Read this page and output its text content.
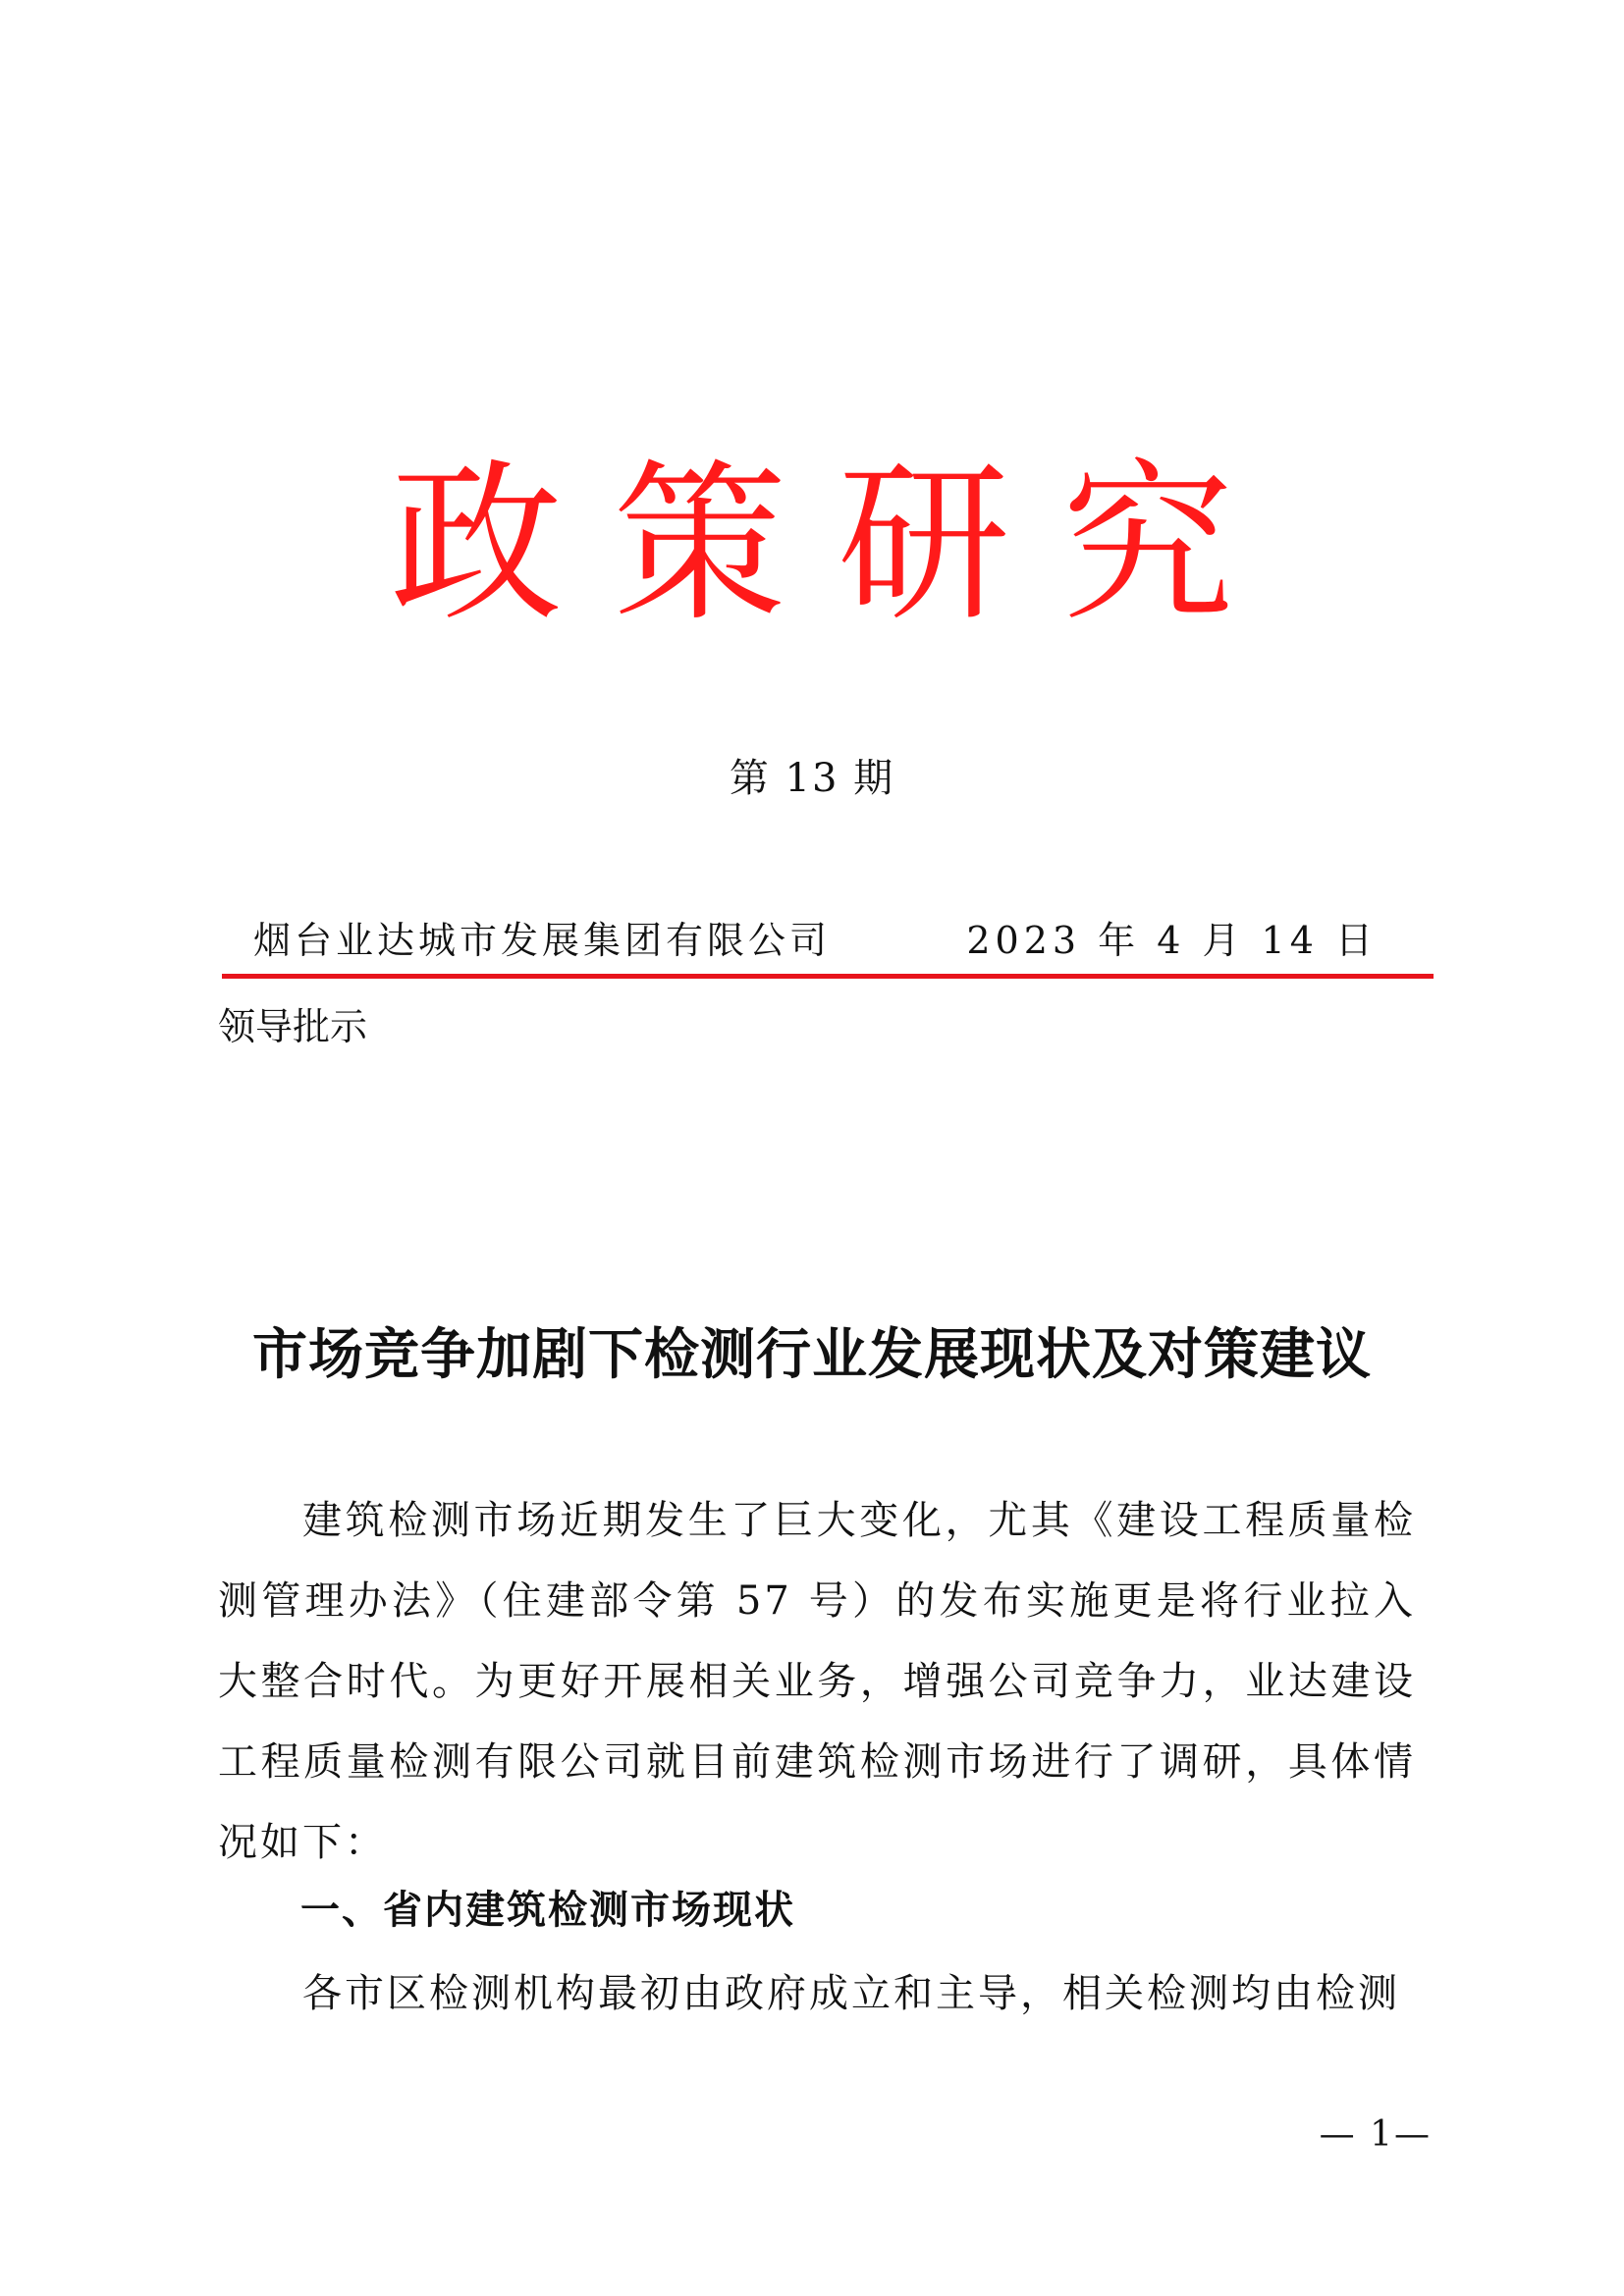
政策研究
第 13 期
烟台业达城市发展集团有限公司	2023 年 4 月 14 日
领导批示
市场竞争加剧下检测行业发展现状及对策建议

建筑检测市场近期发生了巨大变化，尤其《建设工程质量检测管理办法》（住建部令第 57 号）的发布实施更是将行业拉入大整合时代。为更好开展相关业务，增强公司竞争力，业达建设工程质量检测有限公司就目前建筑检测市场进行了调研，具体情况如下：

一、省内建筑检测市场现状

各市区检测机构最初由政府成立和主导，相关检测均由检测

— 1—
